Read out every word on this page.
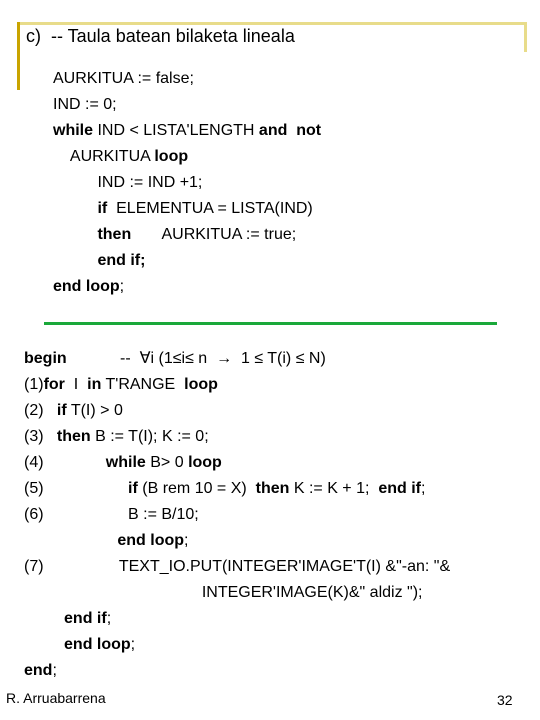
c)  -- Taula batean bilaketa lineala
AURKITUA := false;
IND := 0;
while IND < LISTA'LENGTH and  not
AURKITUA loop
IND := IND +1;
if  ELEMENTUA = LISTA(IND)
then       AURKITUA := true;
end if;
end loop;
begin            --  ∀i (1≤i≤ n  →  1 ≤ T(i) ≤ N)
(1)for  I  in T'RANGE  loop
(2)   if T(I) > 0
(3)   then B := T(I); K := 0;
(4)              while B> 0 loop
(5)                   if (B rem 10 = X)  then K := K + 1;  end if;
(6)                   B := B/10;
end loop;
(7)                 TEXT_IO.PUT(INTEGER'IMAGE'T(I) &"-an: "&
INTEGER'IMAGE(K)&" aldiz ");
end if;
end loop;
end;
R. Arruabarrena	32
